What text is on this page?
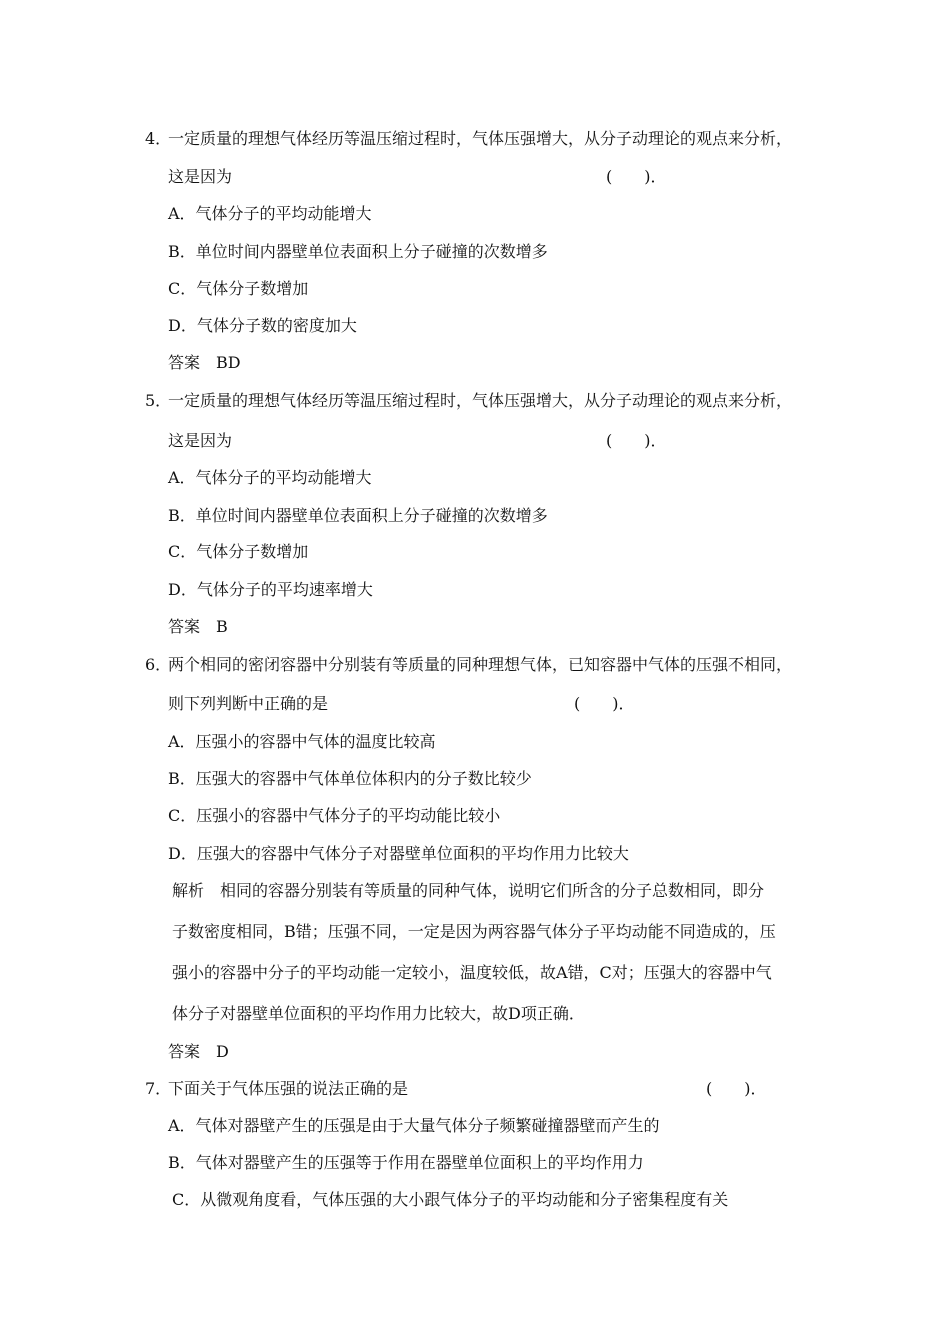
4．
一定质量的理想气体经历等温压缩过程时，气体压强增大，从分子动理论的观点来分析，
这是因为	(　　)．
A．气体分子的平均动能增大
B．单位时间内器壁单位表面积上分子碰撞的次数增多
C．气体分子数增加
D．气体分子数的密度加大
答案　BD
5．
一定质量的理想气体经历等温压缩过程时，气体压强增大，从分子动理论的观点来分析，
这是因为	(　　)．
A．气体分子的平均动能增大
B．单位时间内器壁单位表面积上分子碰撞的次数增多
C．气体分子数增加
D．气体分子的平均速率增大
答案　B
6．
两个相同的密闭容器中分别装有等质量的同种理想气体，已知容器中气体的压强不相同，
则下列判断中正确的是	(　　)．
A．压强小的容器中气体的温度比较高
B．压强大的容器中气体单位体积内的分子数比较少
C．压强小的容器中气体分子的平均动能比较小
D．压强大的容器中气体分子对器壁单位面积的平均作用力比较大
解析　相同的容器分别装有等质量的同种气体，说明它们所含的分子总数相同，即分
子数密度相同，B错；压强不同，一定是因为两容器气体分子平均动能不同造成的，压
强小的容器中分子的平均动能一定较小，温度较低，故A错，C对；压强大的容器中气
体分子对器壁单位面积的平均作用力比较大，故D项正确．
答案　D
7．
下面关于气体压强的说法正确的是	(　　)．
A．气体对器壁产生的压强是由于大量气体分子频繁碰撞器壁而产生的
B．气体对器壁产生的压强等于作用在器壁单位面积上的平均作用力
C．从微观角度看，气体压强的大小跟气体分子的平均动能和分子密集程度有关
